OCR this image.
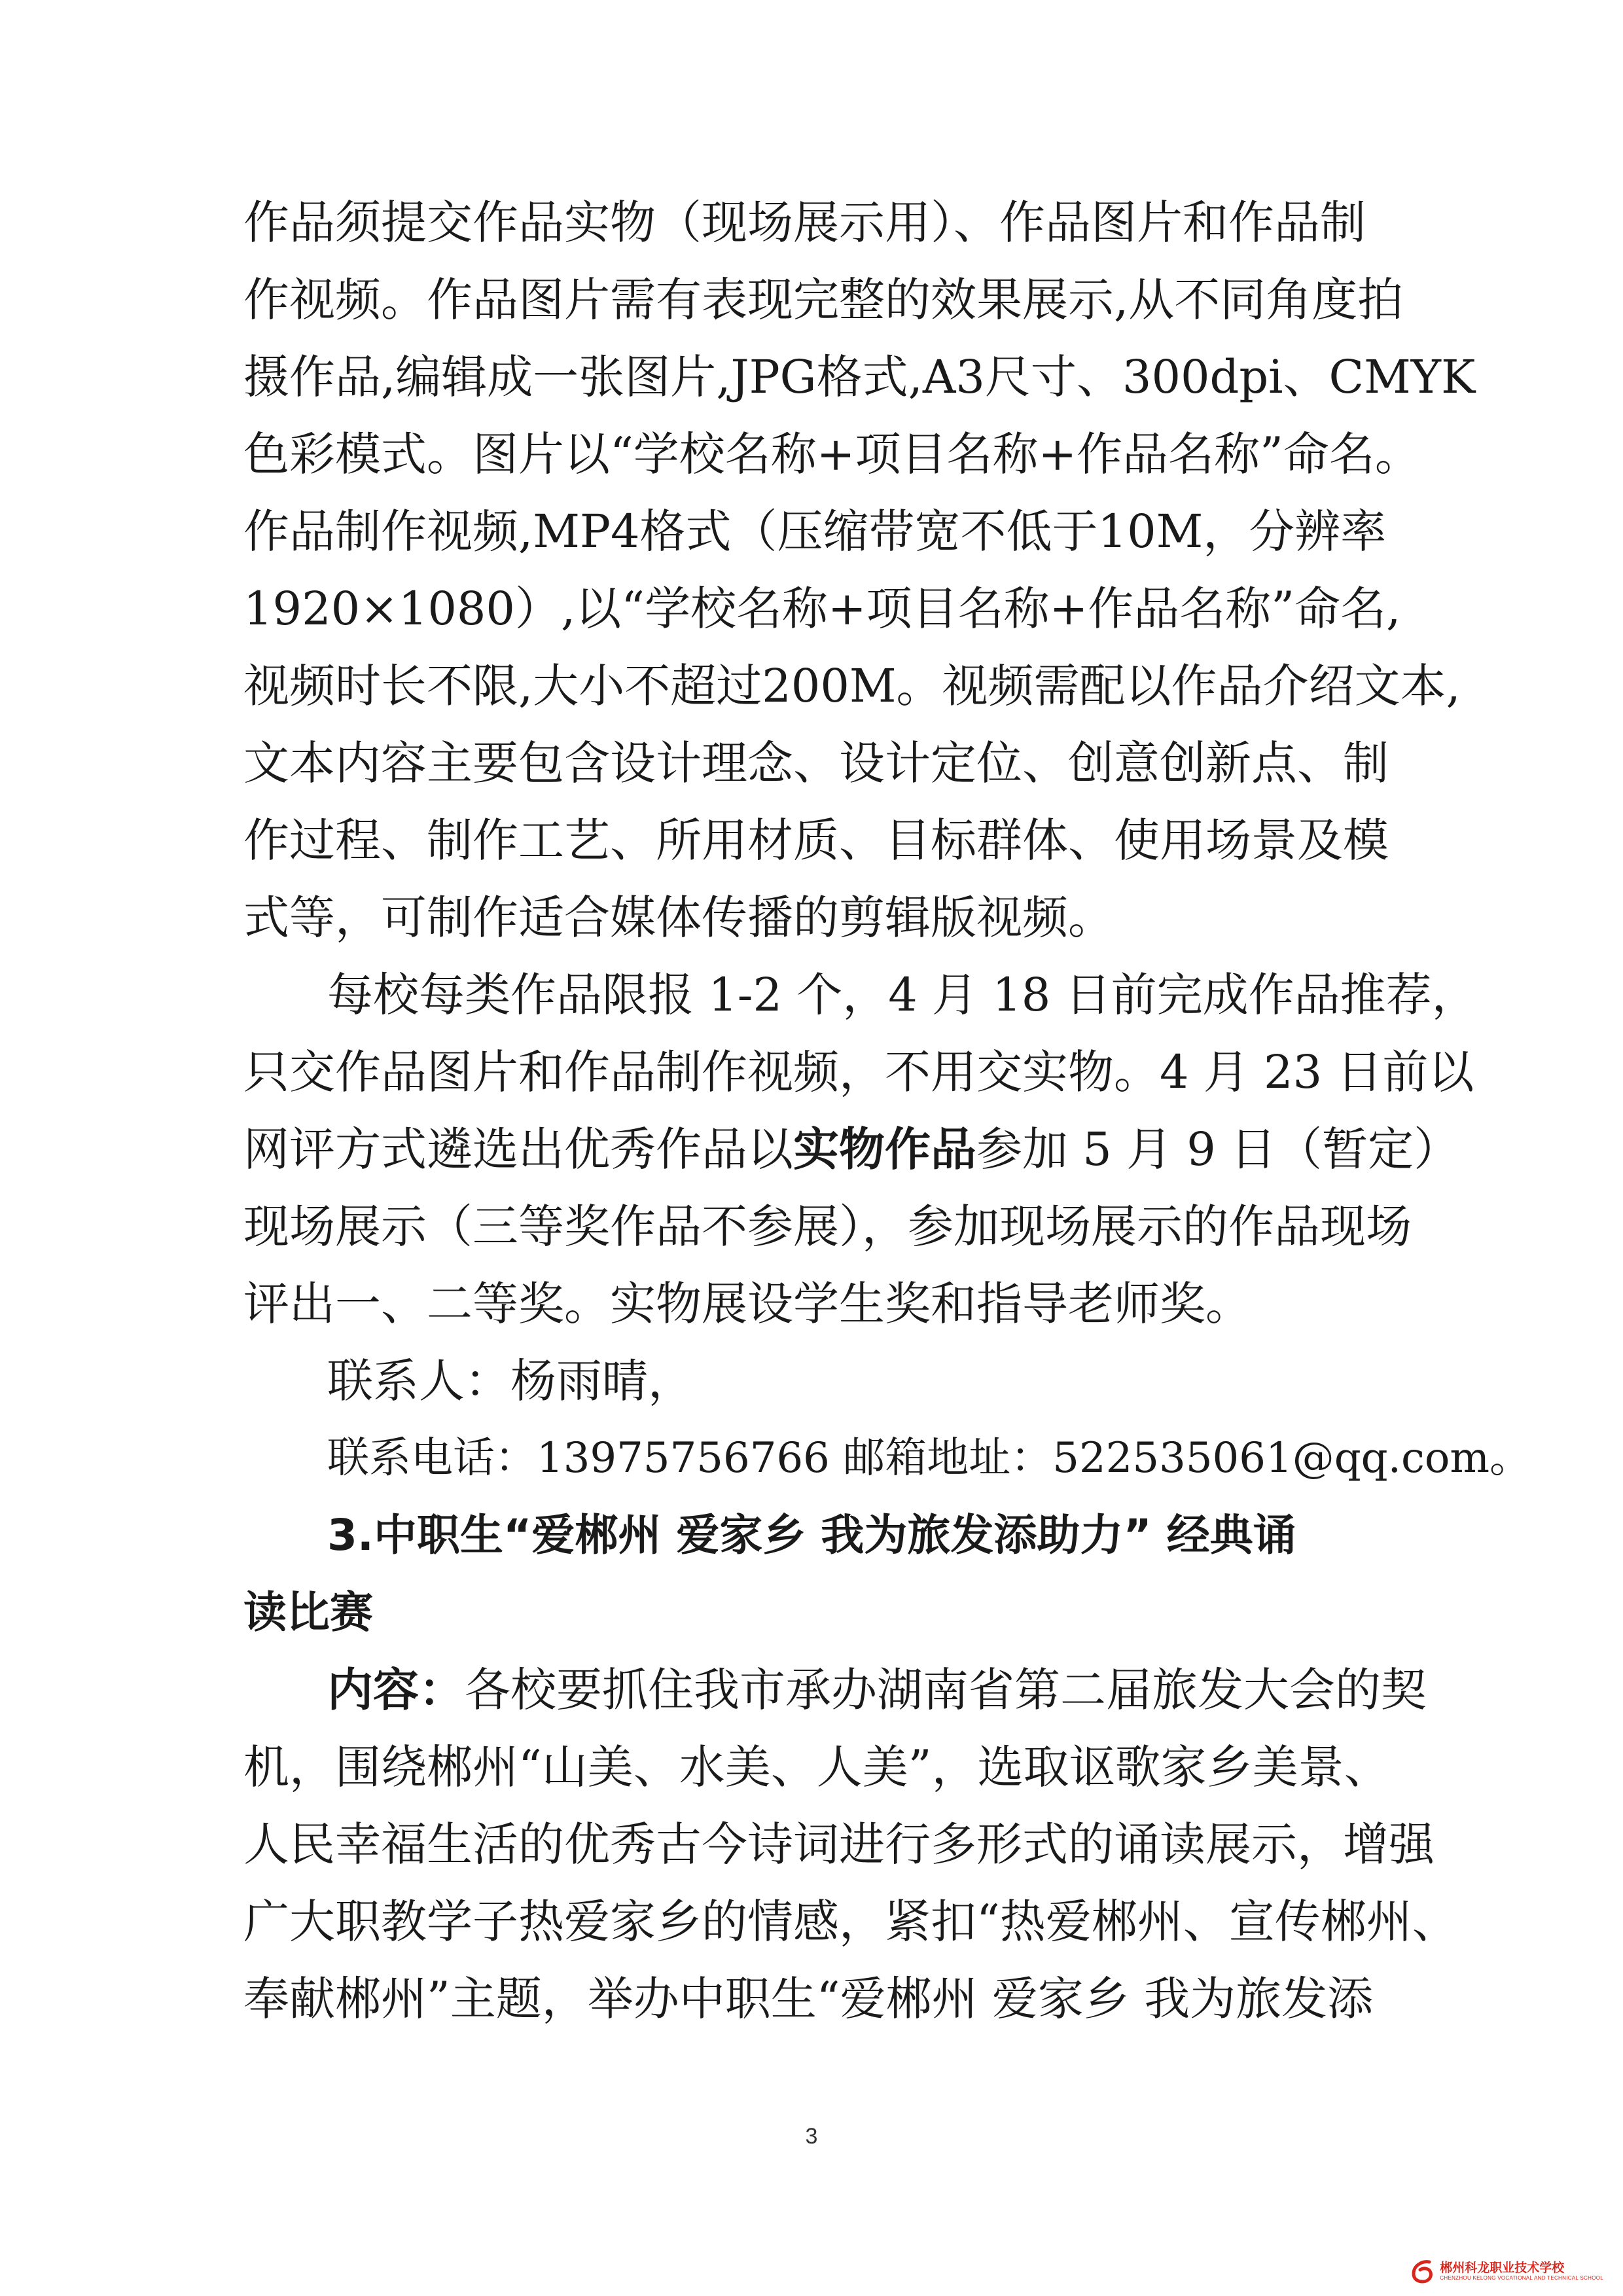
作品须提交作品实物（现场展示用）、作品图片和作品制
作视频。作品图片需有表现完整的效果展示,从不同角度拍
摄作品,编辑成一张图片,JPG格式,A3尺寸、300dpi、CMYK
色彩模式。图片以“学校名称+项目名称+作品名称”命名。
作品制作视频,MP4格式（压缩带宽不低于10M，分辨率
1920×1080）,以“学校名称+项目名称+作品名称”命名,
视频时长不限,大小不超过200M。视频需配以作品介绍文本,
文本内容主要包含设计理念、设计定位、创意创新点、制
作过程、制作工艺、所用材质、目标群体、使用场景及模
式等，可制作适合媒体传播的剪辑版视频。
每校每类作品限报 1-2 个，4 月 18 日前完成作品推荐，
只交作品图片和作品制作视频，不用交实物。4 月 23 日前以
网评方式遴选出优秀作品以实物作品参加 5 月 9 日（暂定）
现场展示（三等奖作品不参展），参加现场展示的作品现场
评出一、二等奖。实物展设学生奖和指导老师奖。
联系人：杨雨晴，
联系电话：13975756766 邮箱地址：522535061@qq.com。
3.中职生“爱郴州 爱家乡 我为旅发添助力” 经典诵
读比赛
内容：各校要抓住我市承办湖南省第二届旅发大会的契
机，围绕郴州“山美、水美、人美”，选取讴歌家乡美景、
人民幸福生活的优秀古今诗词进行多形式的诵读展示，增强
广大职教学子热爱家乡的情感，紧扣“热爱郴州、宣传郴州、
奉献郴州”主题，举办中职生“爱郴州 爱家乡 我为旅发添
3
郴州科龙职业技术学校
CHENZHOU KELONG VOCATIONAL AND TECHNICAL SCHOOL
